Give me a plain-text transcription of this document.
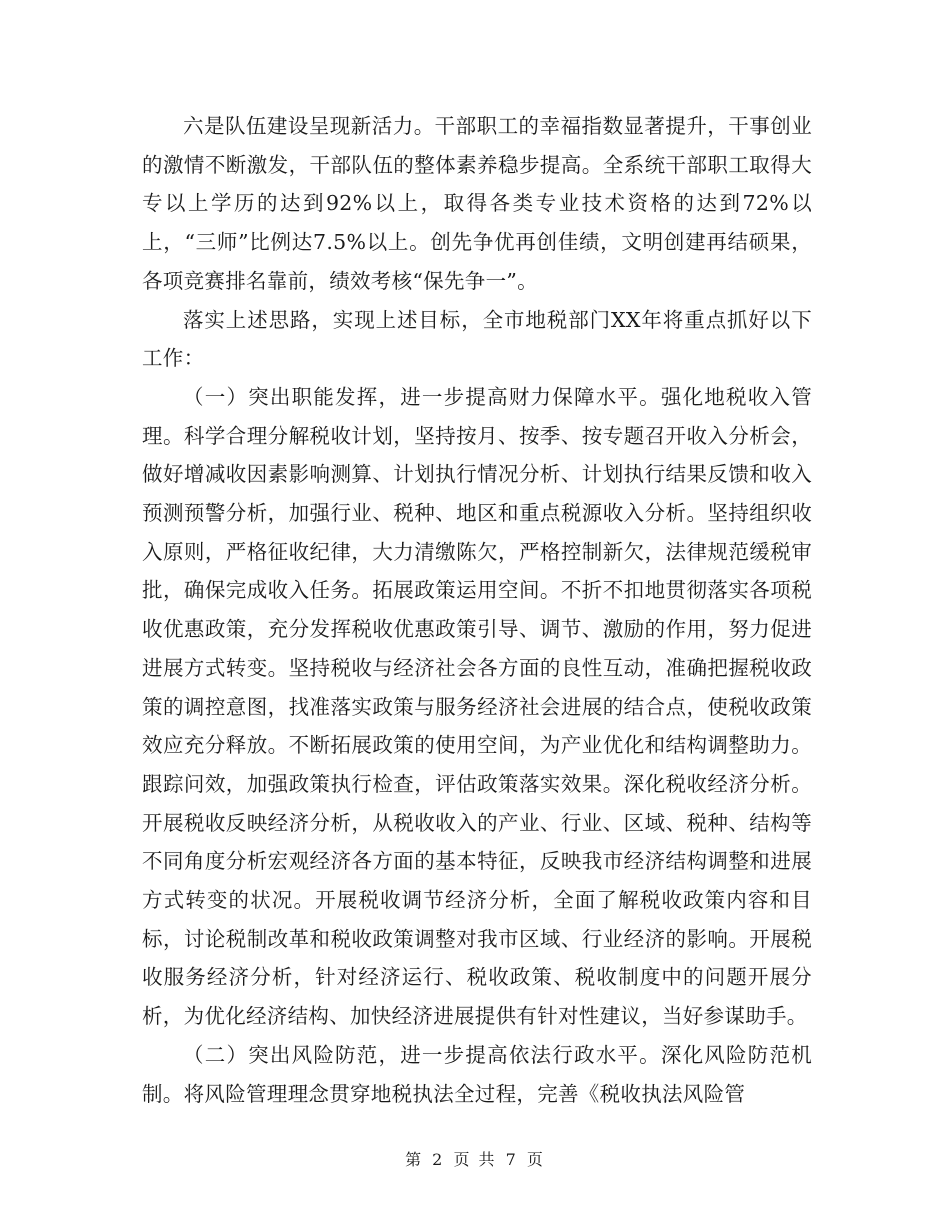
六是队伍建设呈现新活力。干部职工的幸福指数显著提升，干事创业的激情不断激发，干部队伍的整体素养稳步提高。全系统干部职工取得大专以上学历的达到92%以上，取得各类专业技术资格的达到72%以上，“三师”比例达7.5%以上。创先争优再创佳绩，文明创建再结硕果，各项竞赛排名靠前，绩效考核“保先争一”。

落实上述思路，实现上述目标，全市地税部门XX年将重点抓好以下工作：

（一）突出职能发挥，进一步提高财力保障水平。强化地税收入管理。科学合理分解税收计划，坚持按月、按季、按专题召开收入分析会，做好增减收因素影响测算、计划执行情况分析、计划执行结果反馈和收入预测预警分析，加强行业、税种、地区和重点税源收入分析。坚持组织收入原则，严格征收纪律，大力清缴陈欠，严格控制新欠，法律规范缓税审批，确保完成收入任务。拓展政策运用空间。不折不扣地贯彻落实各项税收优惠政策，充分发挥税收优惠政策引导、调节、激励的作用，努力促进进展方式转变。坚持税收与经济社会各方面的良性互动，准确把握税收政策的调控意图，找准落实政策与服务经济社会进展的结合点，使税收政策效应充分释放。不断拓展政策的使用空间，为产业优化和结构调整助力。跟踪问效，加强政策执行检查，评估政策落实效果。深化税收经济分析。开展税收反映经济分析，从税收收入的产业、行业、区域、税种、结构等不同角度分析宏观经济各方面的基本特征，反映我市经济结构调整和进展方式转变的状况。开展税收调节经济分析，全面了解税收政策内容和目标，讨论税制改革和税收政策调整对我市区域、行业经济的影响。开展税收服务经济分析，针对经济运行、税收政策、税收制度中的问题开展分析，为优化经济结构、加快经济进展提供有针对性建议，当好参谋助手。

（二）突出风险防范，进一步提高依法行政水平。深化风险防范机制。将风险管理理念贯穿地税执法全过程，完善《税收执法风险管

第 2 页 共 7 页
